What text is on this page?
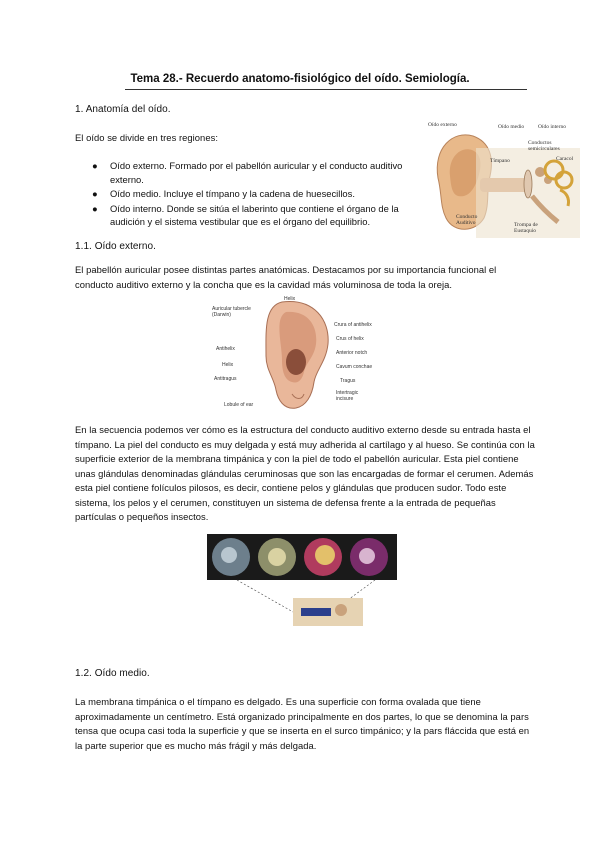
Tema 28.- Recuerdo anatomo-fisiológico del oído. Semiología.
1. Anatomía del oído.
El oído se divide en tres regiones:
● Oído externo. Formado por el pabellón auricular y el conducto auditivo externo.
● Oído medio. Incluye el tímpano y la cadena de huesecillos.
● Oído interno. Donde se sitúa el laberinto que contiene el órgano de la audición y el sistema vestibular que es el órgano del equilibrio.
Oído externo	Oído medio	Oído interno
Conductos semicirculares
Caracol
Tímpano
Conducto Auditivo	Trompa de Eustaquio
1.1. Oído externo.
El pabellón auricular posee distintas partes anatómicas. Destacamos por su importancia funcional el conducto auditivo externo y la concha que es la cavidad más voluminosa de toda la oreja.
Auricular tubercle (Darwin)
Antihelix
Helix
Antitragus
Lobule of ear
Helix
Crura of antihelix
Crus of helix
Anterior notch
Cavum conchae
Tragus
Intertragic incisure
En la secuencia podemos ver cómo es la estructura del conducto auditivo externo desde su entrada hasta el tímpano. La piel del conducto es muy delgada y está muy adherida al cartílago y al hueso. Se continúa con la superficie exterior de la membrana timpánica y con la piel de todo el pabellón auricular. Esta piel contiene unas glándulas denominadas glándulas ceruminosas que son las encargadas de formar el cerumen. Además esta piel contiene folículos pilosos, es decir, contiene pelos y glándulas que producen sudor. Todo este sistema, los pelos y el cerumen, constituyen un sistema de defensa frente a la entrada de pequeñas partículas o pequeños insectos.
1.2. Oído medio.
La membrana timpánica o el tímpano es delgado. Es una superficie con forma ovalada que tiene aproximadamente un centímetro. Está organizado principalmente en dos partes, lo que se denomina la pars tensa que ocupa casi toda la superficie y que se inserta en el surco timpánico; y la pars fláccida que está en la parte superior que es mucho más frágil y más delgada.
